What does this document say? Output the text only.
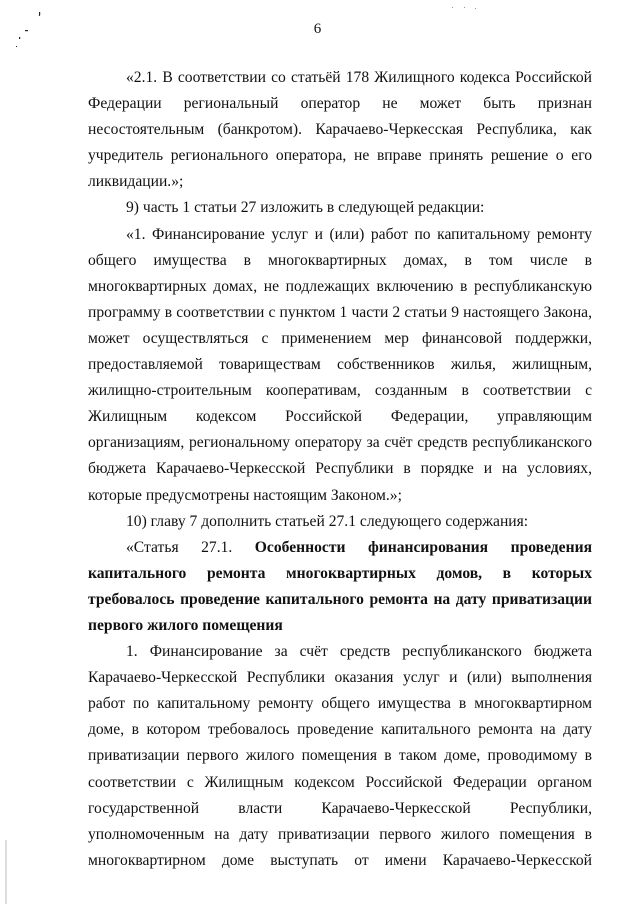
6

«2.1. В соответствии со статьёй 178 Жилищного кодекса Российской Федерации региональный оператор не может быть признан несостоятельным (банкротом). Карачаево-Черкесская Республика, как учредитель регионального оператора, не вправе принять решение о его ликвидации.»;

9) часть 1 статьи 27 изложить в следующей редакции:

«1. Финансирование услуг и (или) работ по капитальному ремонту общего имущества в многоквартирных домах, в том числе в многоквартирных домах, не подлежащих включению в республиканскую программу в соответствии с пунктом 1 части 2 статьи 9 настоящего Закона, может осуществляться с применением мер финансовой поддержки, предоставляемой товариществам собственников жилья, жилищным, жилищно-строительным кооперативам, созданным в соответствии с Жилищным кодексом Российской Федерации, управляющим организациям, региональному оператору за счёт средств республиканского бюджета Карачаево-Черкесской Республики в порядке и на условиях, которые предусмотрены настоящим Законом.»;

10) главу 7 дополнить статьей 27.1 следующего содержания:

«Статья 27.1. Особенности финансирования проведения капитального ремонта многоквартирных домов, в которых требовалось проведение капитального ремонта на дату приватизации первого жилого помещения

1. Финансирование за счёт средств республиканского бюджета Карачаево-Черкесской Республики оказания услуг и (или) выполнения работ по капитальному ремонту общего имущества в многоквартирном доме, в котором требовалось проведение капитального ремонта на дату приватизации первого жилого помещения в таком доме, проводимому в соответствии с Жилищным кодексом Российской Федерации органом государственной власти Карачаево-Черкесской Республики, уполномоченным на дату приватизации первого жилого помещения в многоквартирном доме выступать от имени Карачаево-Черкесской
